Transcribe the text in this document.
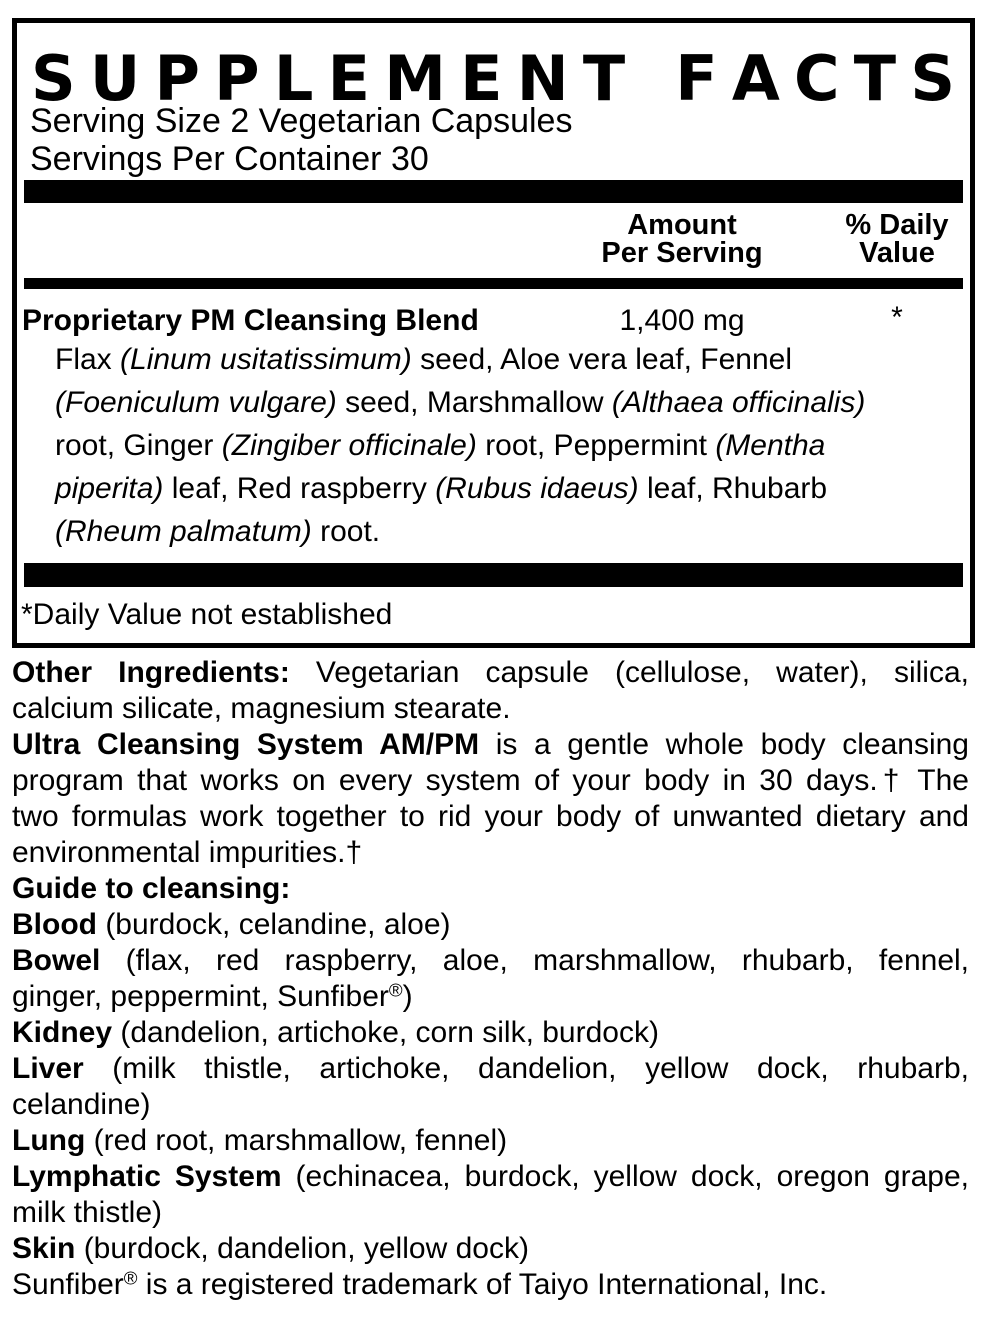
S U P P L E M E N T
F A C T S
Serving Size 2 Vegetarian Capsules
Servings Per Container 30
Amount
Per Serving
% Daily
Value
Proprietary PM Cleansing Blend	1,400 mg	*
Flax (Linum usitatissimum) seed, Aloe vera leaf, Fennel
(Foeniculum vulgare) seed, Marshmallow (Althaea officinalis)
root, Ginger (Zingiber officinale) root, Peppermint (Mentha
piperita) leaf, Red raspberry (Rubus idaeus) leaf, Rhubarb
(Rheum palmatum) root.
*Daily Value not established
Other Ingredients: Vegetarian capsule (cellulose, water), silica,
calcium silicate, magnesium stearate.
Ultra Cleansing System AM/PM is a gentle whole body cleansing
program that works on every system of your body in 30 days.† The
two formulas work together to rid your body of unwanted dietary and
environmental impurities.†
Guide to cleansing:
Blood (burdock, celandine, aloe)
Bowel (flax, red raspberry, aloe, marshmallow, rhubarb, fennel,
ginger, peppermint, Sunfiber®)
Kidney (dandelion, artichoke, corn silk, burdock)
Liver (milk thistle, artichoke, dandelion, yellow dock, rhubarb,
celandine)
Lung (red root, marshmallow, fennel)
Lymphatic System (echinacea, burdock, yellow dock, oregon grape,
milk thistle)
Skin (burdock, dandelion, yellow dock)
Sunfiber® is a registered trademark of Taiyo International, Inc.
